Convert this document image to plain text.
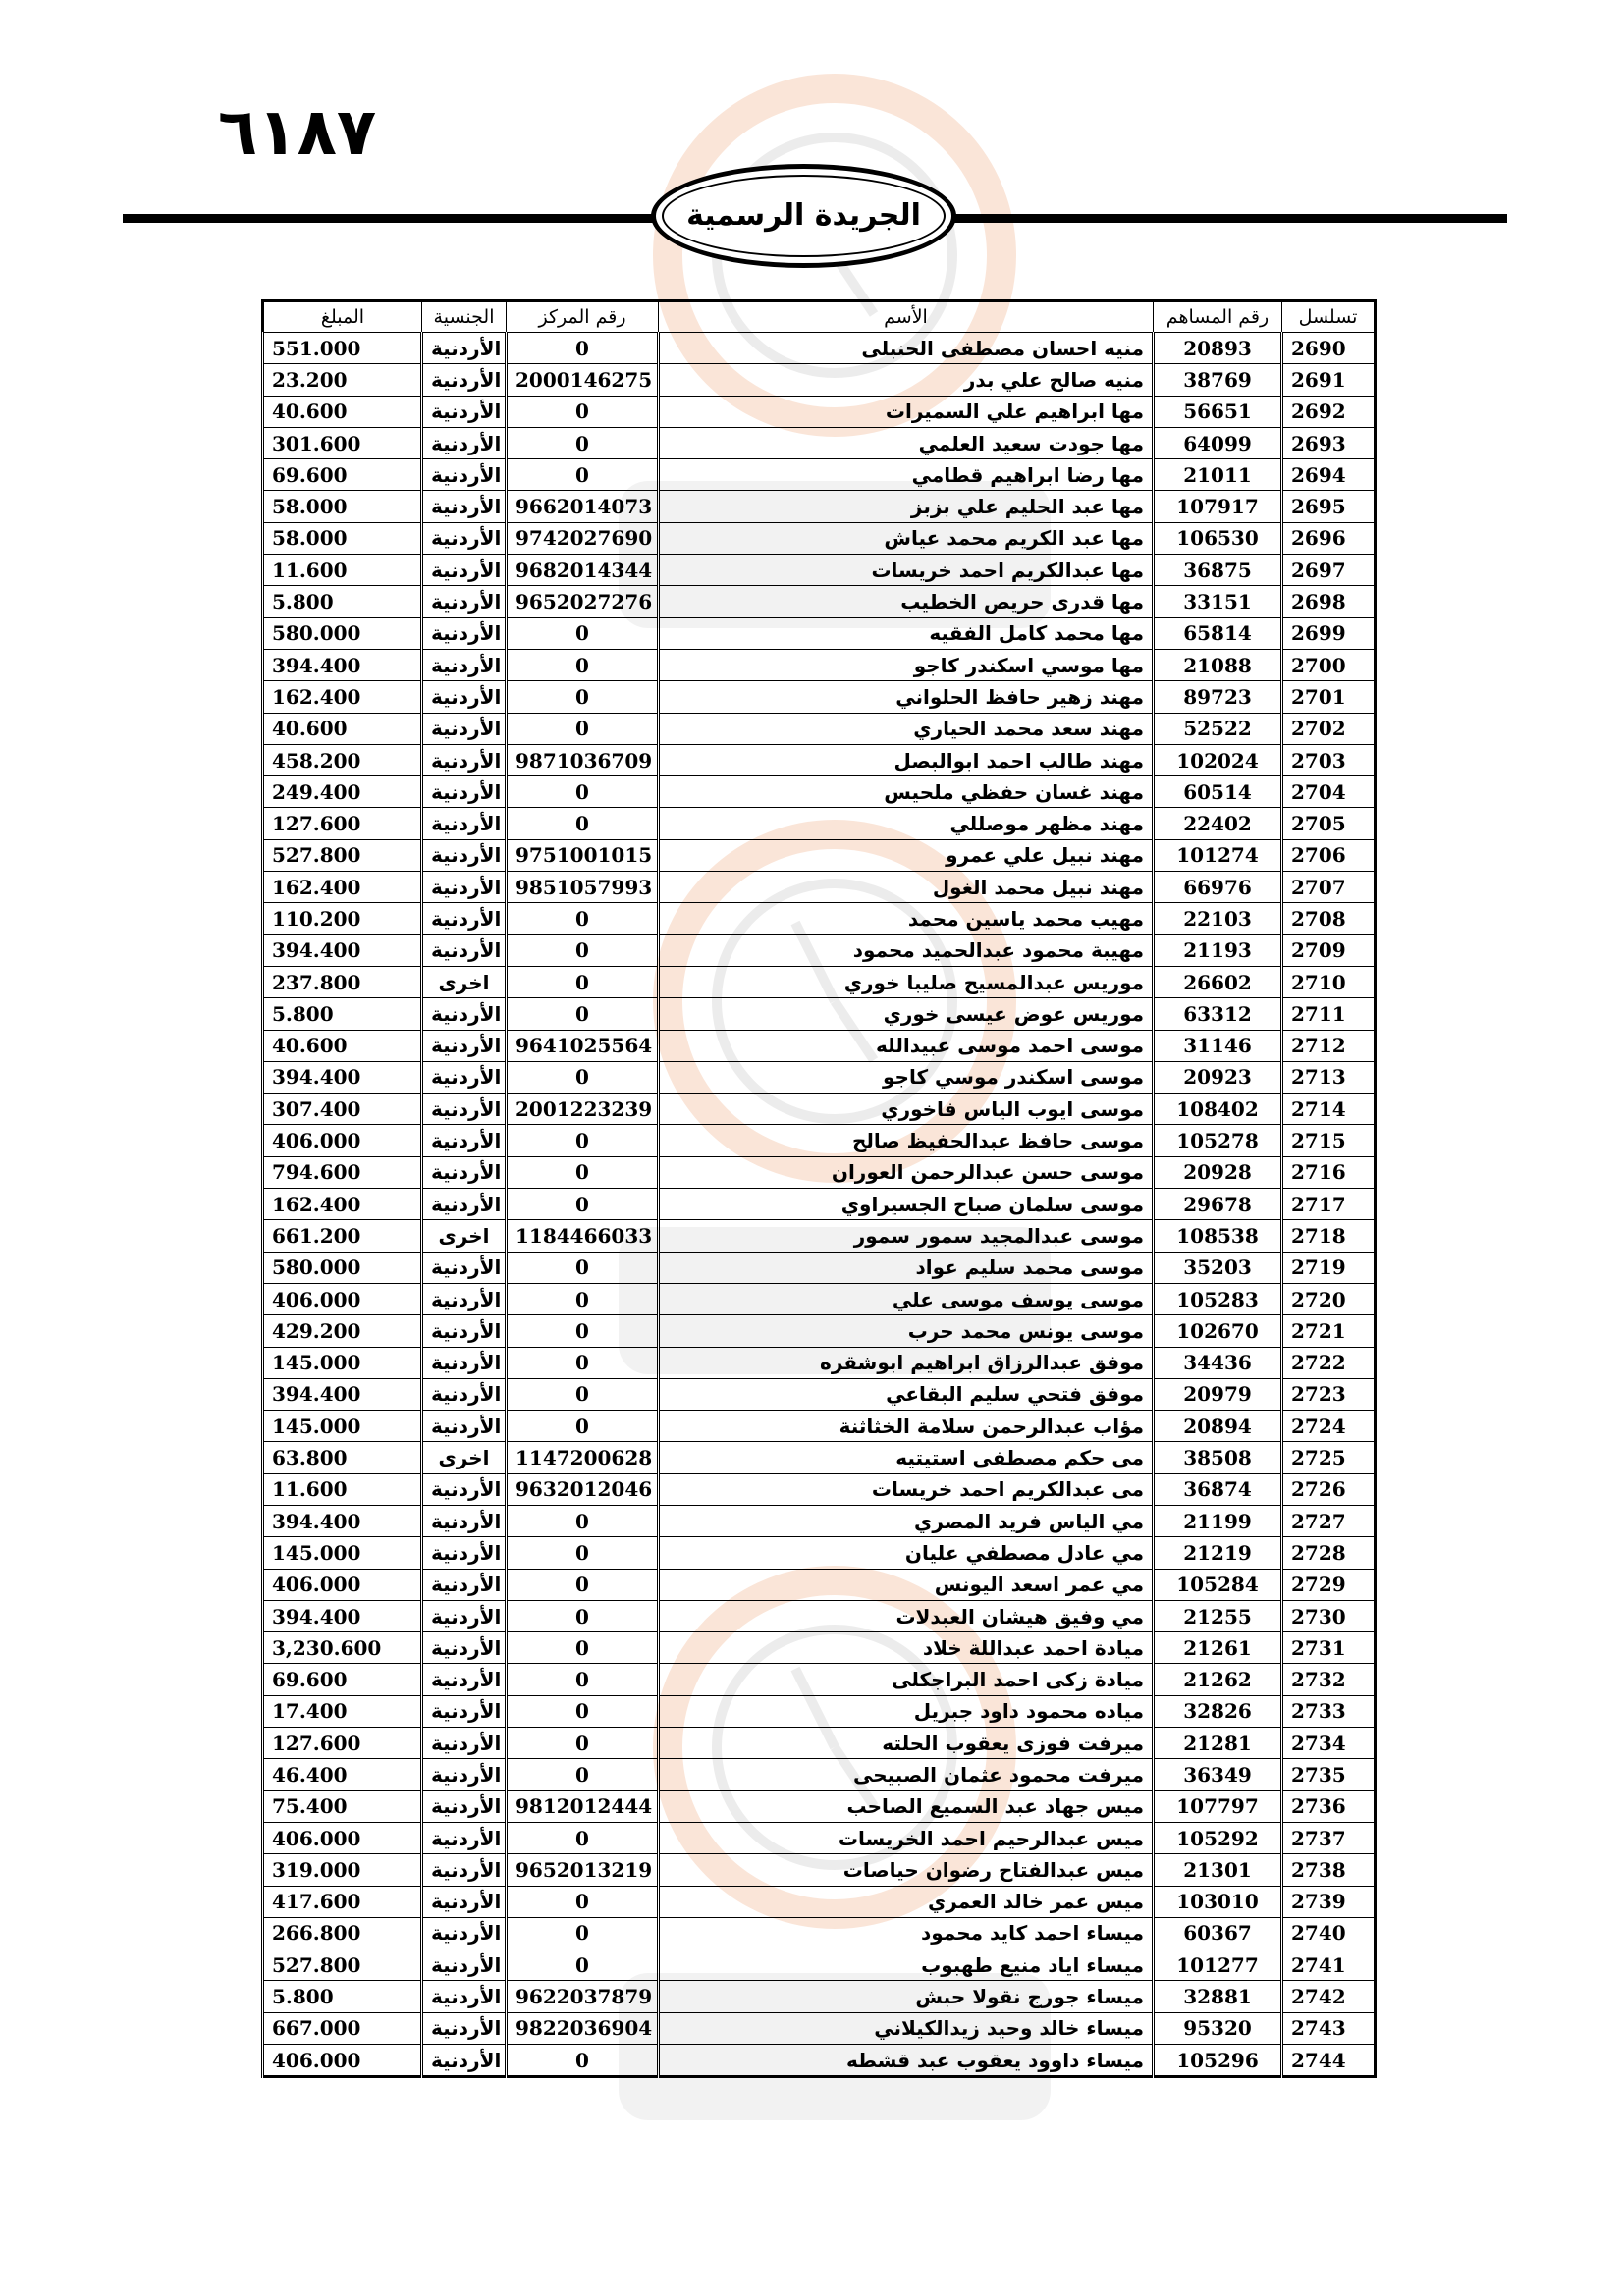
٦١٨٧
الجريدة الرسمية
المبلغ	الجنسية	رقم المركز	الأسم	رقم المساهم	تسلسل
551.000	الأردنية	0	منيه احسان مصطفى الحنبلى	20893	2690
23.200	الأردنية	2000146275	منيه صالح علي بدر	38769	2691
40.600	الأردنية	0	مها ابراهيم علي السميرات	56651	2692
301.600	الأردنية	0	مها جودت سعيد العلمي	64099	2693
69.600	الأردنية	0	مها رضا ابراهيم قطامي	21011	2694
58.000	الأردنية	9662014073	مها عبد الحليم علي بزبز	107917	2695
58.000	الأردنية	9742027690	مها عبد الكريم محمد عياش	106530	2696
11.600	الأردنية	9682014344	مها عبدالكريم احمد خريسات	36875	2697
5.800	الأردنية	9652027276	مها قدرى حريص الخطيب	33151	2698
580.000	الأردنية	0	مها محمد كامل الفقيه	65814	2699
394.400	الأردنية	0	مها موسي اسكندر كاجو	21088	2700
162.400	الأردنية	0	مهند زهير حافظ الحلواني	89723	2701
40.600	الأردنية	0	مهند سعد محمد الحياري	52522	2702
458.200	الأردنية	9871036709	مهند طالب احمد ابوالبصل	102024	2703
249.400	الأردنية	0	مهند غسان حفظي ملحيس	60514	2704
127.600	الأردنية	0	مهند مظهر موصللي	22402	2705
527.800	الأردنية	9751001015	مهند نبيل علي عمرو	101274	2706
162.400	الأردنية	9851057993	مهند نبيل محمد الغول	66976	2707
110.200	الأردنية	0	مهيب محمد ياسين محمد	22103	2708
394.400	الأردنية	0	مهيبة محمود عبدالحميد محمود	21193	2709
237.800	اخرى	0	موريس عبدالمسيح صليبا خوري	26602	2710
5.800	الأردنية	0	موريس عوض عيسى خوري	63312	2711
40.600	الأردنية	9641025564	موسى احمد موسى عبيدالله	31146	2712
394.400	الأردنية	0	موسى اسكندر موسي كاجو	20923	2713
307.400	الأردنية	2001223239	موسى ايوب الياس فاخوري	108402	2714
406.000	الأردنية	0	موسى حافظ عبدالحفيظ صالح	105278	2715
794.600	الأردنية	0	موسى حسن عبدالرحمن العوران	20928	2716
162.400	الأردنية	0	موسى سلمان صباح الجسيراوي	29678	2717
661.200	اخرى	1184466033	موسى عبدالمجيد سمور سمور	108538	2718
580.000	الأردنية	0	موسى محمد سليم عواد	35203	2719
406.000	الأردنية	0	موسى يوسف موسى علي	105283	2720
429.200	الأردنية	0	موسى يونس محمد حرب	102670	2721
145.000	الأردنية	0	موفق عبدالرزاق ابراهيم ابوشقره	34436	2722
394.400	الأردنية	0	موفق فتحي سليم البقاعي	20979	2723
145.000	الأردنية	0	مؤاب عبدالرحمن سلامة الخثاثنة	20894	2724
63.800	اخرى	1147200628	مى حكم مصطفى استيتيه	38508	2725
11.600	الأردنية	9632012046	مى عبدالكريم احمد خريسات	36874	2726
394.400	الأردنية	0	مي الياس فريد المصري	21199	2727
145.000	الأردنية	0	مي عادل مصطفي عليان	21219	2728
406.000	الأردنية	0	مي عمر اسعد اليونس	105284	2729
394.400	الأردنية	0	مي وفيق هيشان العبدلات	21255	2730
3,230.600	الأردنية	0	ميادة احمد عبداللة خلاد	21261	2731
69.600	الأردنية	0	ميادة زكى احمد البراجكلى	21262	2732
17.400	الأردنية	0	مياده محمود داود جبريل	32826	2733
127.600	الأردنية	0	ميرفت فوزى يعقوب الحلته	21281	2734
46.400	الأردنية	0	ميرفت محمود عثمان الصبيحى	36349	2735
75.400	الأردنية	9812012444	ميس جهاد عبد السميع الصاحب	107797	2736
406.000	الأردنية	0	ميس عبدالرحيم احمد الخريسات	105292	2737
319.000	الأردنية	9652013219	ميس عبدالفتاح رضوان حياصات	21301	2738
417.600	الأردنية	0	ميس عمر خالد العمري	103010	2739
266.800	الأردنية	0	ميساء احمد كايد محمود	60367	2740
527.800	الأردنية	0	ميساء اياد منيع طهبوب	101277	2741
5.800	الأردنية	9622037879	ميساء جورج نقولا حبش	32881	2742
667.000	الأردنية	9822036904	ميساء خالد وحيد زيدالكيلاني	95320	2743
406.000	الأردنية	0	ميساء داوود يعقوب عبد قشطه	105296	2744
